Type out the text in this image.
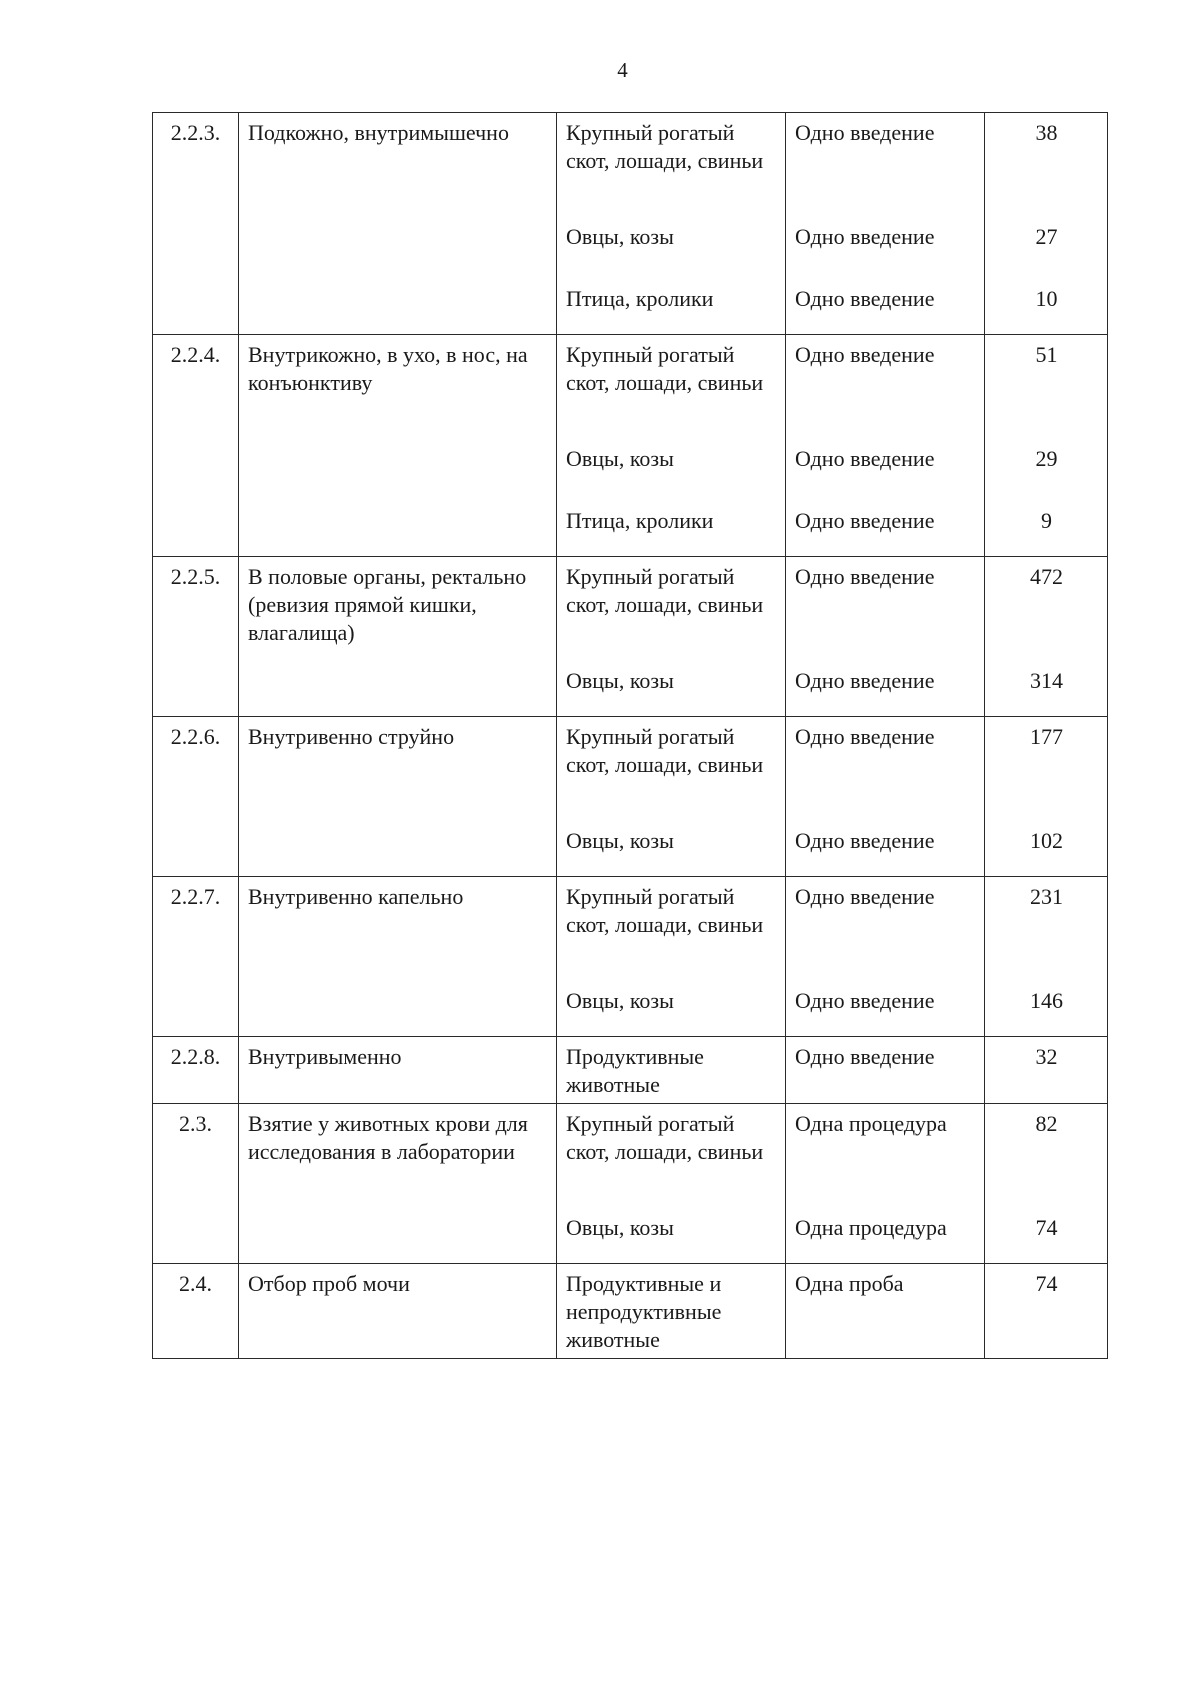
4
2.2.3.	Подкожно, внутримышечно	Крупный рогатый скот, лошади, свиньи	Одно введение	38
		Овцы, козы	Одно введение	27
		Птица, кролики	Одно введение	10
2.2.4.	Внутрикожно, в ухо, в нос, на конъюнктиву	Крупный рогатый скот, лошади, свиньи	Одно введение	51
		Овцы, козы	Одно введение	29
		Птица, кролики	Одно введение	9
2.2.5.	В половые органы, ректально (ревизия прямой кишки, влагалища)	Крупный рогатый скот, лошади, свиньи	Одно введение	472
		Овцы, козы	Одно введение	314
2.2.6.	Внутривенно струйно	Крупный рогатый скот, лошади, свиньи	Одно введение	177
		Овцы, козы	Одно введение	102
2.2.7.	Внутривенно капельно	Крупный рогатый скот, лошади, свиньи	Одно введение	231
		Овцы, козы	Одно введение	146
2.2.8.	Внутривыменно	Продуктивные животные	Одно введение	32
2.3.	Взятие у животных крови для исследования в лаборатории	Крупный рогатый скот, лошади, свиньи	Одна процедура	82
		Овцы, козы	Одна процедура	74
2.4.	Отбор проб мочи	Продуктивные и непродуктивные животные	Одна проба	74
